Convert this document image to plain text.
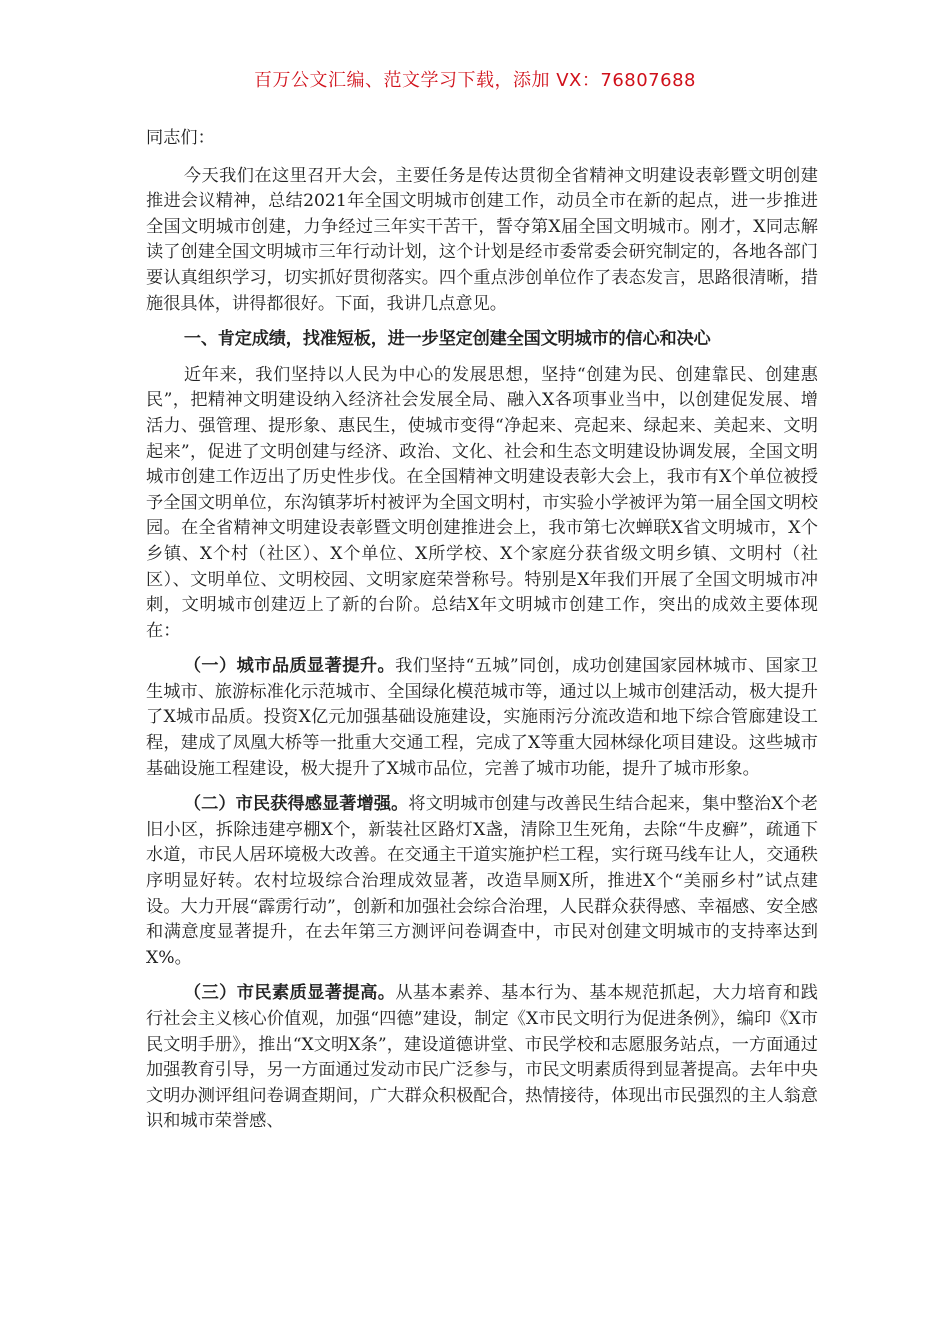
百万公文汇编、范文学习下载，添加 VX：76807688

同志们：

今天我们在这里召开大会，主要任务是传达贯彻全省精神文明建设表彰暨文明创建推进会议精神，总结2021年全国文明城市创建工作，动员全市在新的起点，进一步推进全国文明城市创建，力争经过三年实干苦干，誓夺第X届全国文明城市。刚才，X同志解读了创建全国文明城市三年行动计划，这个计划是经市委常委会研究制定的，各地各部门要认真组织学习，切实抓好贯彻落实。四个重点涉创单位作了表态发言，思路很清晰，措施很具体，讲得都很好。下面，我讲几点意见。

一、肯定成绩，找准短板，进一步坚定创建全国文明城市的信心和决心

近年来，我们坚持以人民为中心的发展思想，坚持“创建为民、创建靠民、创建惠民”，把精神文明建设纳入经济社会发展全局、融入X各项事业当中，以创建促发展、增活力、强管理、提形象、惠民生，使城市变得“净起来、亮起来、绿起来、美起来、文明起来”，促进了文明创建与经济、政治、文化、社会和生态文明建设协调发展，全国文明城市创建工作迈出了历史性步伐。在全国精神文明建设表彰大会上，我市有X个单位被授予全国文明单位，东沟镇茅圻村被评为全国文明村，市实验小学被评为第一届全国文明校园。在全省精神文明建设表彰暨文明创建推进会上，我市第七次蝉联X省文明城市，X个乡镇、X个村（社区）、X个单位、X所学校、X个家庭分获省级文明乡镇、文明村（社区）、文明单位、文明校园、文明家庭荣誉称号。特别是X年我们开展了全国文明城市冲刺，文明城市创建迈上了新的台阶。总结X年文明城市创建工作，突出的成效主要体现在：

（一）城市品质显著提升。我们坚持“五城”同创，成功创建国家园林城市、国家卫生城市、旅游标准化示范城市、全国绿化模范城市等，通过以上城市创建活动，极大提升了X城市品质。投资X亿元加强基础设施建设，实施雨污分流改造和地下综合管廊建设工程，建成了凤凰大桥等一批重大交通工程，完成了X等重大园林绿化项目建设。这些城市基础设施工程建设，极大提升了X城市品位，完善了城市功能，提升了城市形象。

（二）市民获得感显著增强。将文明城市创建与改善民生结合起来，集中整治X个老旧小区，拆除违建亭棚X个，新装社区路灯X盏，清除卫生死角，去除“牛皮癣”，疏通下水道，市民人居环境极大改善。在交通主干道实施护栏工程，实行斑马线车让人，交通秩序明显好转。农村垃圾综合治理成效显著，改造旱厕X所，推进X个“美丽乡村”试点建设。大力开展“霹雳行动”，创新和加强社会综合治理，人民群众获得感、幸福感、安全感和满意度显著提升，在去年第三方测评问卷调查中，市民对创建文明城市的支持率达到X%。

（三）市民素质显著提高。从基本素养、基本行为、基本规范抓起，大力培育和践行社会主义核心价值观，加强“四德”建设，制定《X市民文明行为促进条例》，编印《X市民文明手册》，推出“X文明X条”，建设道德讲堂、市民学校和志愿服务站点，一方面通过加强教育引导，另一方面通过发动市民广泛参与，市民文明素质得到显著提高。去年中央文明办测评组问卷调查期间，广大群众积极配合，热情接待，体现出市民强烈的主人翁意识和城市荣誉感、
